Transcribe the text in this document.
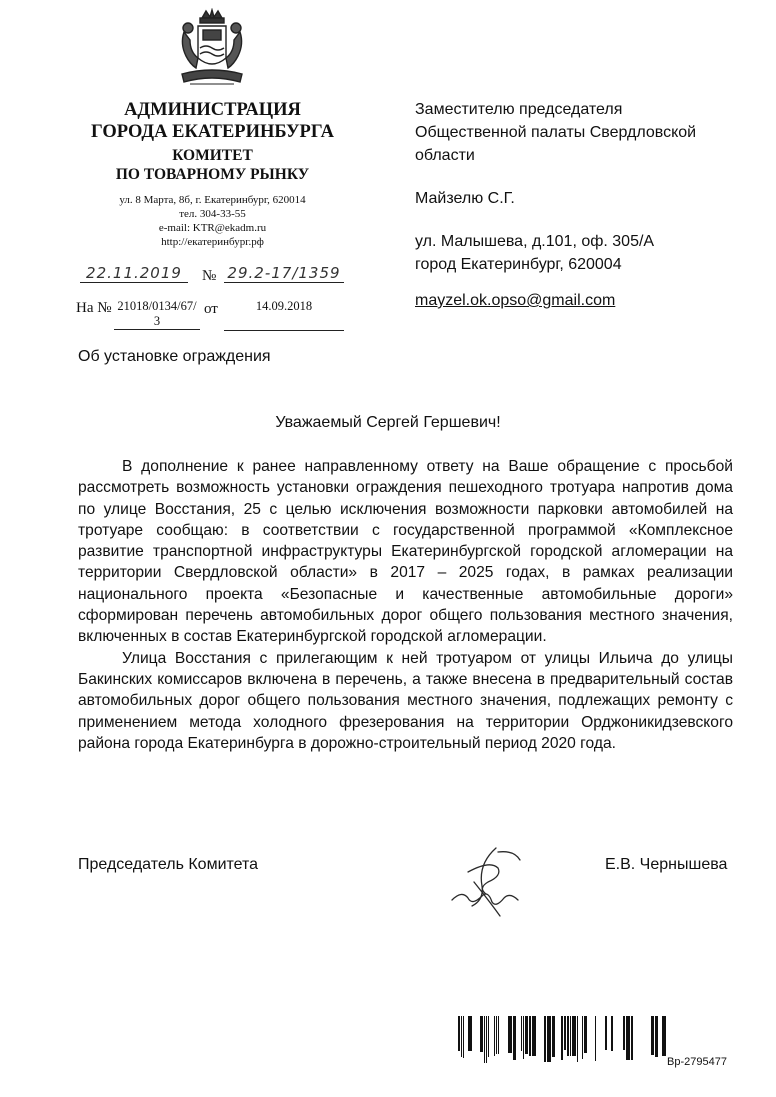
АДМИНИСТРАЦИЯ
ГОРОДА ЕКАТЕРИНБУРГА
КОМИТЕТ
ПО ТОВАРНОМУ РЫНКУ
ул. 8 Марта, 8б, г. Екатеринбург, 620014
тел. 304-33-55
e-mail: KTR@ekadm.ru
http://екатеринбург.рф
22.11.2019	№ 29.2-17/1359
На № 21018/0134/67/
3
от	14.09.2018

Заместителю председателя

Общественной палаты Свердловской

области

Майзелю С.Г.

ул. Малышева, д.101, оф. 305/А

город Екатеринбург, 620004

mayzel.ok.opso@gmail.com

Об установке ограждения
Уважаемый Сергей Гершевич!

В дополнение к ранее направленному ответу на Ваше обращение с просьбой рассмотреть возможность установки ограждения пешеходного тротуара напротив дома по улице Восстания, 25 с целью исключения возможности парковки автомобилей на тротуаре сообщаю: в соответствии с государственной программой «Комплексное развитие транспортной инфраструктуры Екатеринбургской городской агломерации на территории Свердловской области» в 2017 – 2025 годах, в рамках реализации национального проекта «Безопасные и качественные автомобильные дороги» сформирован перечень автомобильных дорог общего пользования местного значения, включенных в состав Екатеринбургской городской агломерации.

Улица Восстания с прилегающим к ней тротуаром от улицы Ильича до улицы Бакинских комиссаров включена в перечень, а также внесена в предварительный состав автомобильных дорог общего пользования местного значения, подлежащих ремонту с применением метода холодного фрезерования на территории Орджоникидзевского района города Екатеринбурга в дорожно-строительный период 2020 года.

Председатель Комитета	Е.В. Чернышева
Вр-2795477
